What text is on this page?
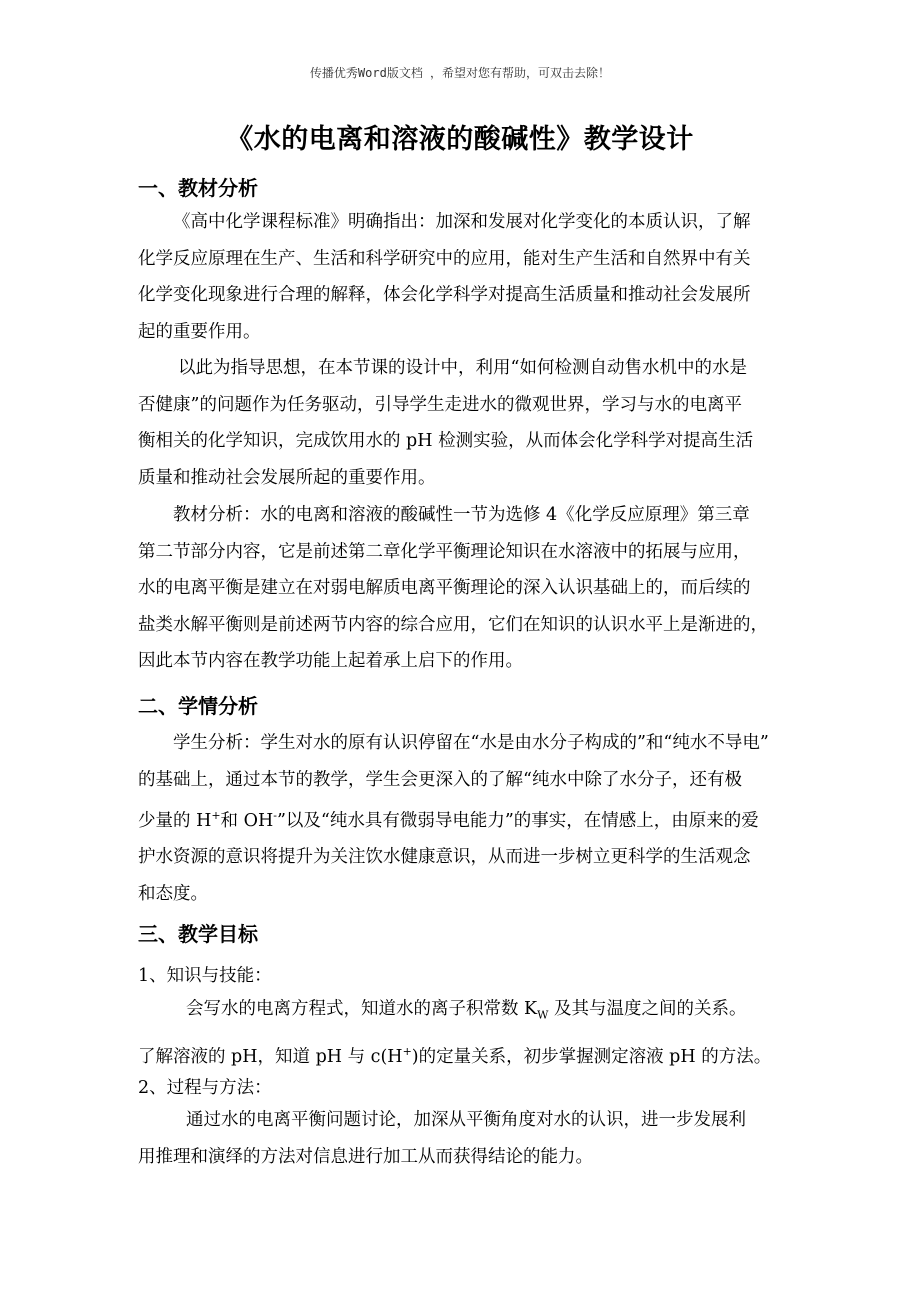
传播优秀Word版文档 ，希望对您有帮助，可双击去除！
《水的电离和溶液的酸碱性》教学设计
一、教材分析
《高中化学课程标准》明确指出：加深和发展对化学变化的本质认识，了解
化学反应原理在生产、生活和科学研究中的应用，能对生产生活和自然界中有关
化学变化现象进行合理的解释，体会化学科学对提高生活质量和推动社会发展所
起的重要作用。
以此为指导思想，在本节课的设计中，利用“如何检测自动售水机中的水是
否健康”的问题作为任务驱动，引导学生走进水的微观世界，学习与水的电离平
衡相关的化学知识，完成饮用水的 pH 检测实验，从而体会化学科学对提高生活
质量和推动社会发展所起的重要作用。
教材分析：水的电离和溶液的酸碱性一节为选修 4《化学反应原理》第三章
第二节部分内容，它是前述第二章化学平衡理论知识在水溶液中的拓展与应用，
水的电离平衡是建立在对弱电解质电离平衡理论的深入认识基础上的，而后续的
盐类水解平衡则是前述两节内容的综合应用，它们在知识的认识水平上是渐进的，
因此本节内容在教学功能上起着承上启下的作用。
二、学情分析
学生分析：学生对水的原有认识停留在“水是由水分子构成的”和“纯水不导电”
的基础上，通过本节的教学，学生会更深入的了解“纯水中除了水分子，还有极
少量的 H+和 OH-”以及“纯水具有微弱导电能力”的事实，在情感上，由原来的爱
护水资源的意识将提升为关注饮水健康意识，从而进一步树立更科学的生活观念
和态度。
三、教学目标
1、知识与技能：
会写水的电离方程式，知道水的离子积常数 $K_W$ 及其与温度之间的关系。
了解溶液的 pH，知道 pH 与 c(H+)的定量关系，初步掌握测定溶液 pH 的方法。
2、过程与方法：
通过水的电离平衡问题讨论，加深从平衡角度对水的认识，进一步发展利
用推理和演绎的方法对信息进行加工从而获得结论的能力。
